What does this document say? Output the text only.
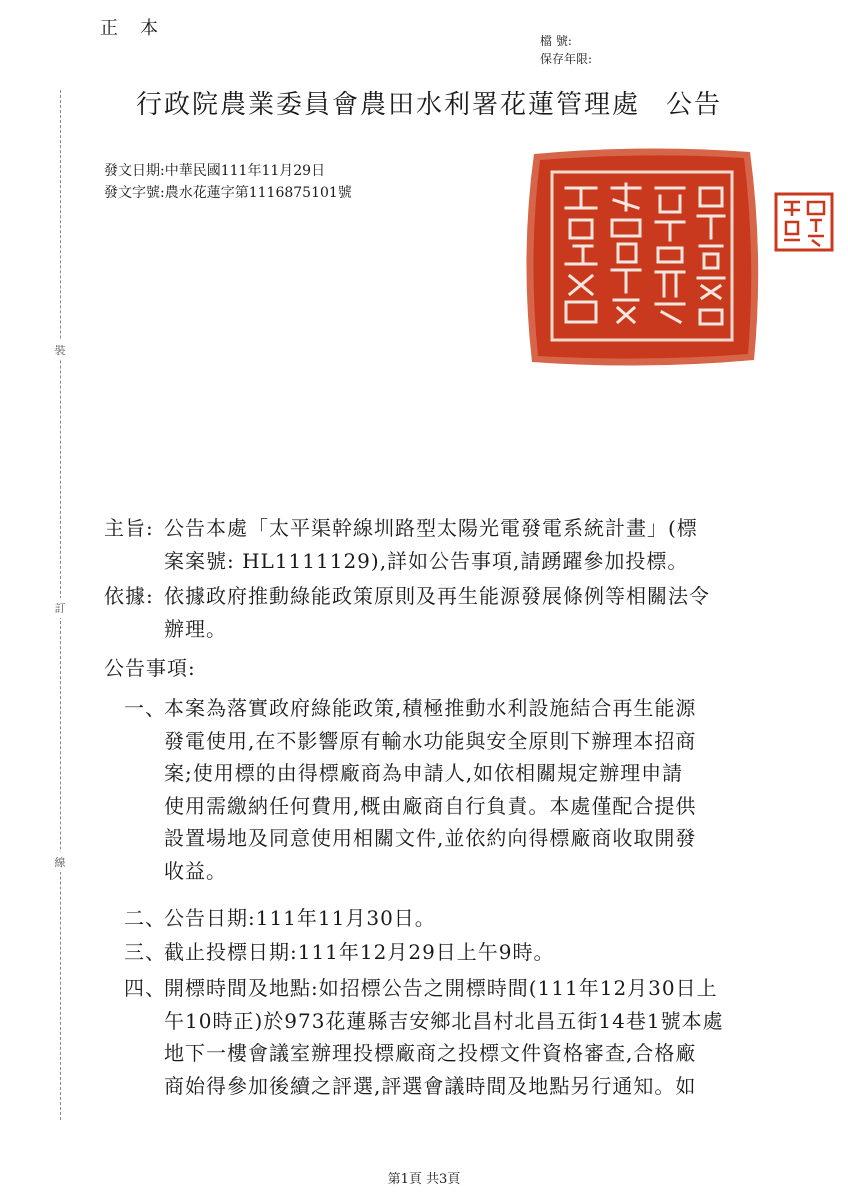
正本
檔 號:
保存年限:
行政院農業委員會農田水利署花蓮管理處 公告
發文日期:中華民國111年11月29日
發文字號:農水花蓮字第1116875101號
裝
訂
線
主旨: 公告本處「太平渠幹線圳路型太陽光電發電系統計畫」(標
案案號: HL1111129),詳如公告事項,請踴躍參加投標。
依據: 依據政府推動綠能政策原則及再生能源發展條例等相關法令
辦理。
公告事項:
一、
本案為落實政府綠能政策,積極推動水利設施結合再生能源
發電使用,在不影響原有輸水功能與安全原則下辦理本招商
案;使用標的由得標廠商為申請人,如依相關規定辦理申請
使用需繳納任何費用,概由廠商自行負責。本處僅配合提供
設置場地及同意使用相關文件,並依約向得標廠商收取開發
收益。
二、
公告日期:111年11月30日。
三、
截止投標日期:111年12月29日上午9時。
四、
開標時間及地點:如招標公告之開標時間(111年12月30日上
午10時正)於973花蓮縣吉安鄉北昌村北昌五街14巷1號本處
地下一樓會議室辦理投標廠商之投標文件資格審查,合格廠
商始得參加後續之評選,評選會議時間及地點另行通知。如
第1頁 共3頁
